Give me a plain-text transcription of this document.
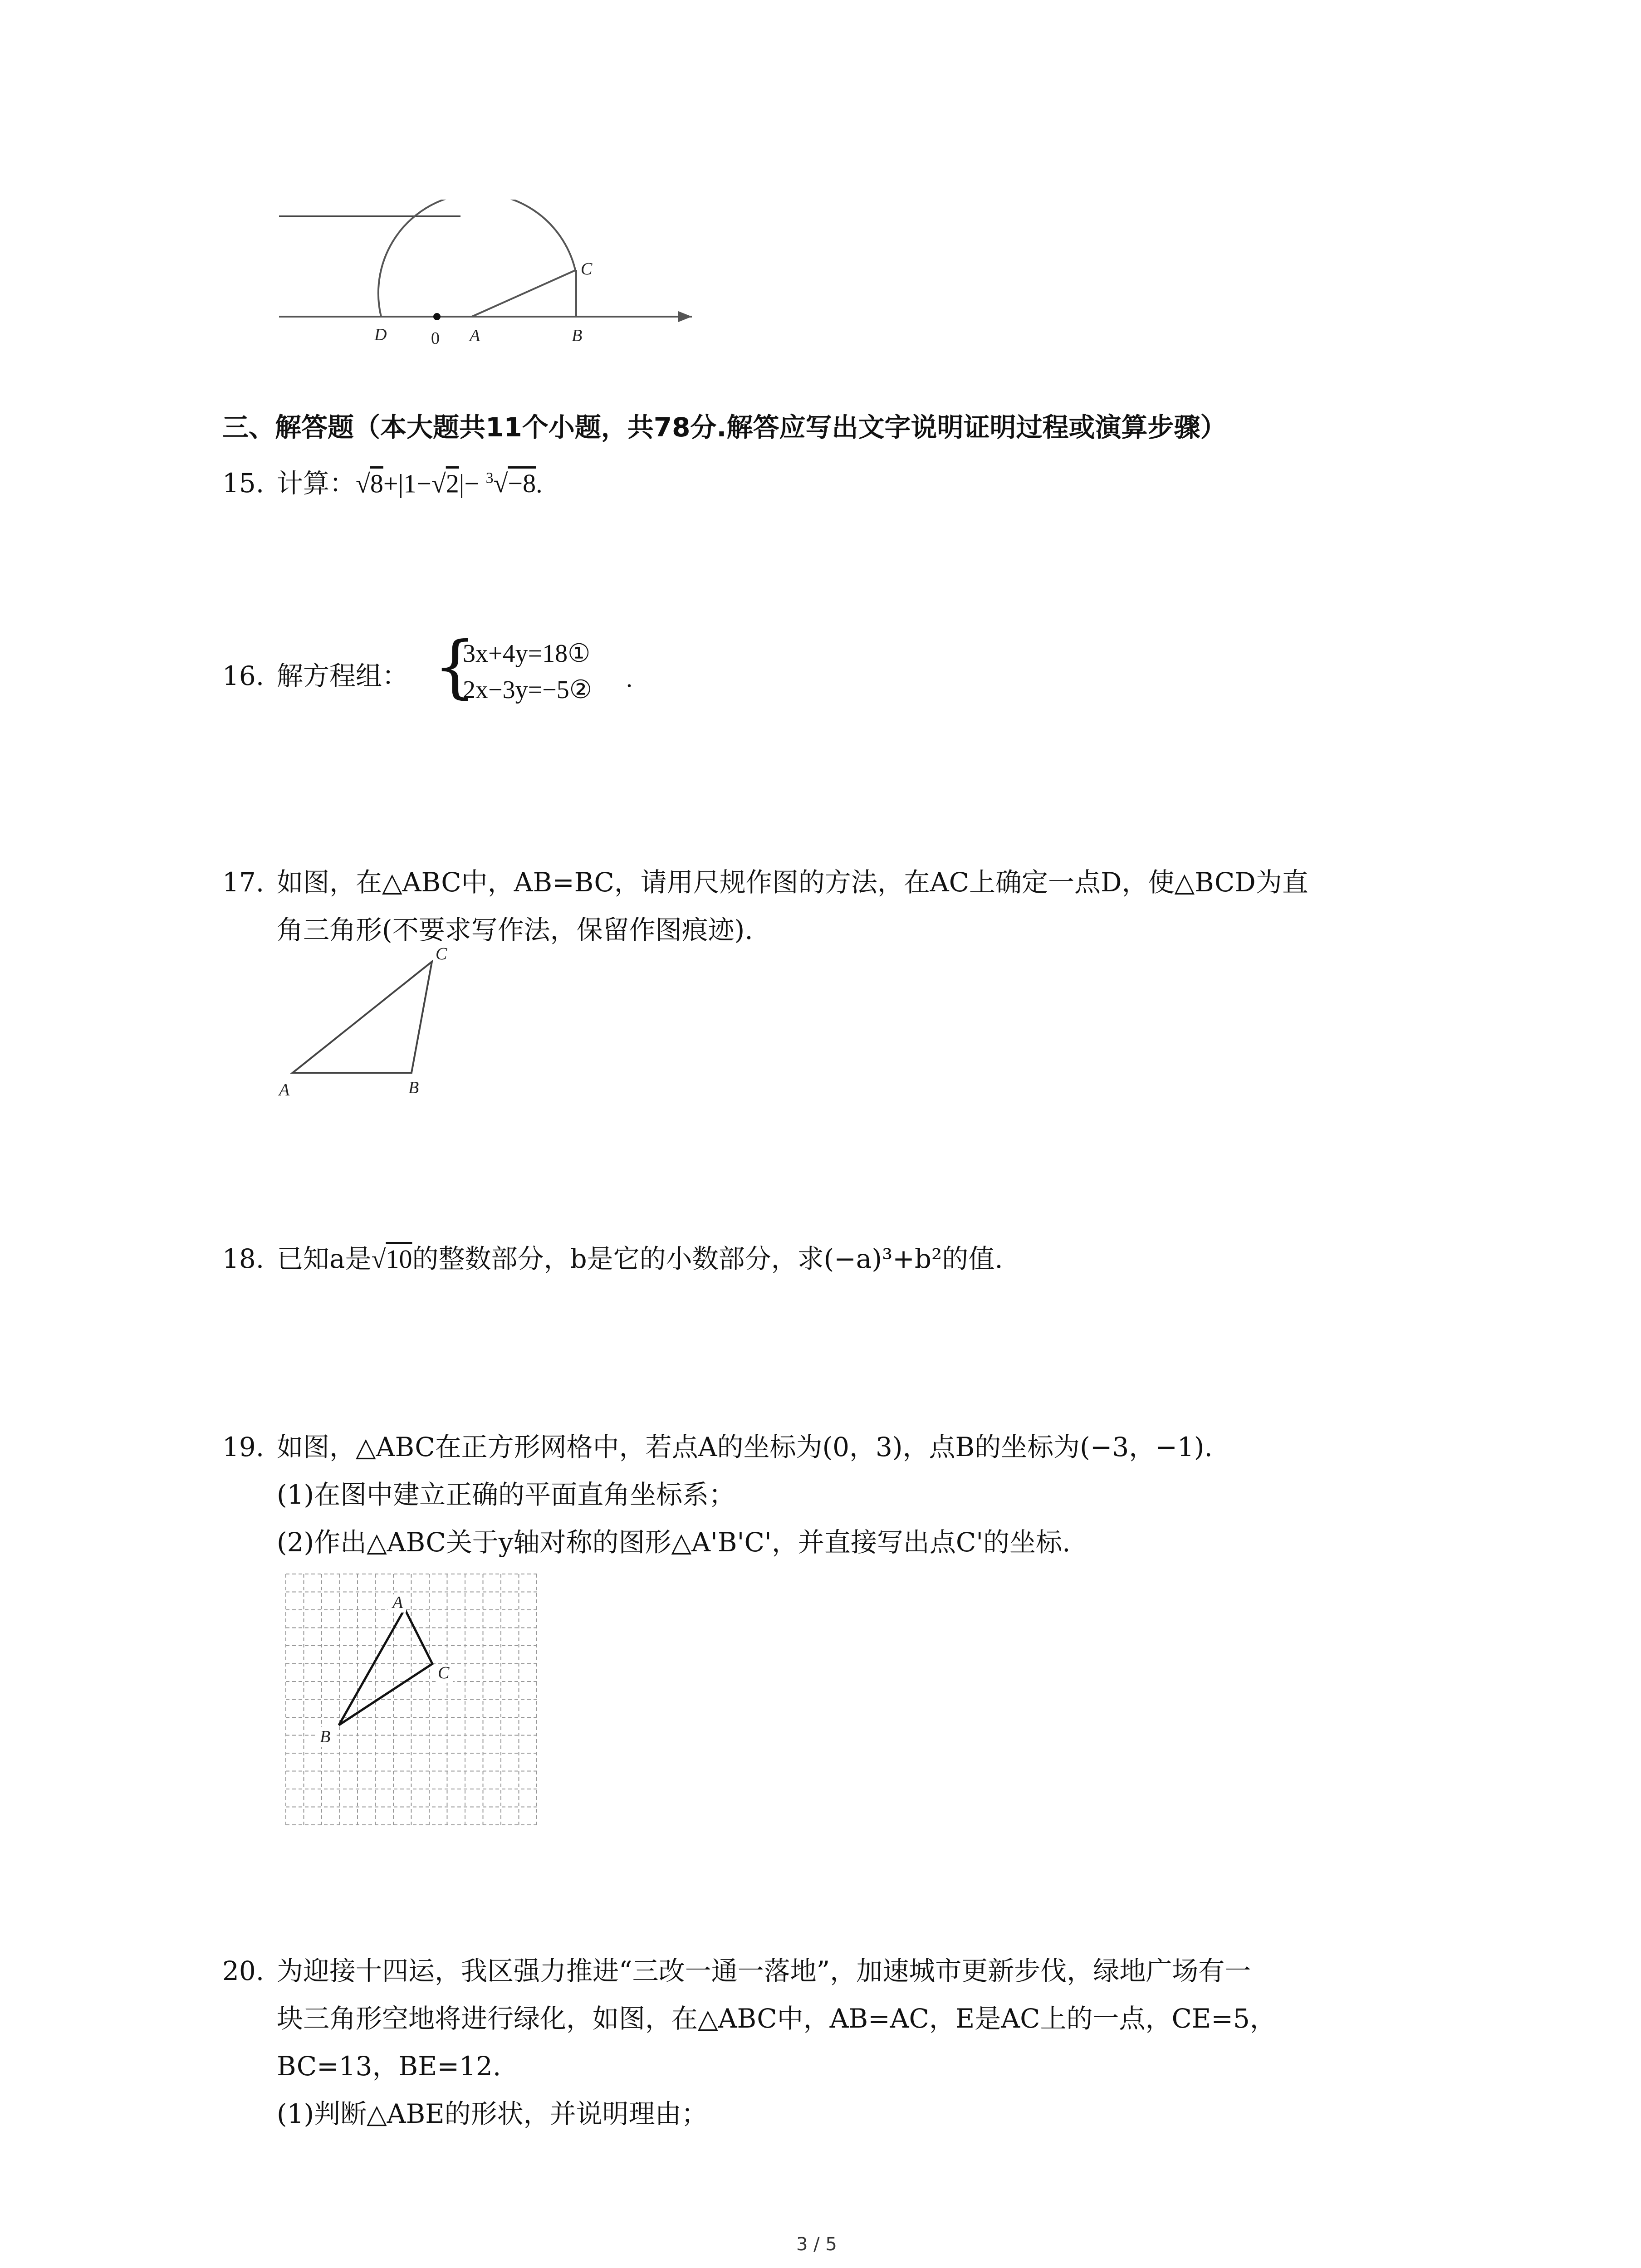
D	0 A	B
C
三、解答题（本大题共11个小题，共78分.解答应写出文字说明证明过程或演算步骤）
15. 计算：√8+|1−√2|− $^3$√−8.
16. 解方程组： {
3x+4y=18①
2x−3y=−5② .
17. 如图，在△ABC中，AB=BC，请用尺规作图的方法，在AC上确定一点D，使△BCD为直
角三角形(不要求写作法，保留作图痕迹).
A	B
C
18. 已知a是√10的整数部分，b是它的小数部分，求(−a)³+b²的值.
19. 如图，△ABC在正方形网格中，若点A的坐标为(0，3)，点B的坐标为(−3，−1).
(1)在图中建立正确的平面直角坐标系；
(2)作出△ABC关于y轴对称的图形△A'B'C'，并直接写出点C'的坐标.
A
C
B
20. 为迎接十四运，我区强力推进“三改一通一落地”，加速城市更新步伐，绿地广场有一
块三角形空地将进行绿化，如图，在△ABC中，AB=AC，E是AC上的一点，CE=5，
BC=13，BE=12.
(1)判断△ABE的形状，并说明理由；
3 / 5
